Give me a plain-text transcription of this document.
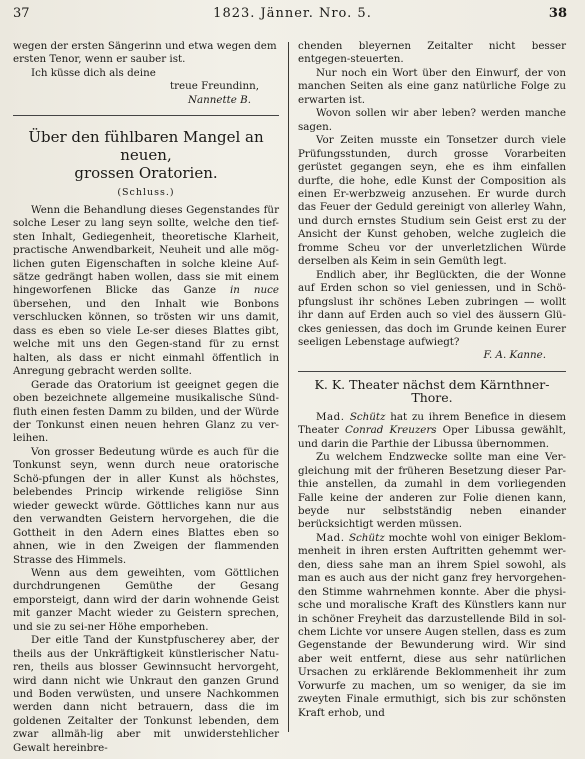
37	1823. Jänner. Nro. 5.	38

wegen der ersten Sängerinn und etwa wegen dem

ersten Tenor, wenn er sauber ist.

Ich küsse dich als deine

treue Freundinn,

Nannette B.

Über den fühlbaren Mangel an neuen,
grossen Oratorien.

(Schluss.)

Wenn die Behandlung dieses Gegenstandes für solche Leser zu lang seyn sollte, welche den tief-sten Inhalt, Gediegenheit, theoretische Klarheit, practische Anwendbarkeit, Neuheit und alle mög-lichen guten Eigenschaften in solche kleine Auf-sätze gedrängt haben wollen, dass sie mit einem hingeworfenen Blicke das Ganze in nuce übersehen, und den Inhalt wie Bonbons verschlucken können, so trösten wir uns damit, dass es eben so viele Le-ser dieses Blattes gibt, welche mit uns den Gegen-stand für zu ernst halten, als dass er nicht einmahl öffentlich in Anregung gebracht werden sollte.

Gerade das Oratorium ist geeignet gegen die oben bezeichnete allgemeine musikalische Sünd-fluth einen festen Damm zu bilden, und der Würde der Tonkunst einen neuen hehren Glanz zu ver-leihen.

Von grosser Bedeutung würde es auch für die Tonkunst seyn, wenn durch neue oratorische Schö-pfungen der in aller Kunst als höchstes, belebendes Princip wirkende religiöse Sinn wieder geweckt würde. Göttliches kann nur aus den verwandten Geistern hervorgehen, die die Gottheit in den Adern eines Blattes eben so ahnen, wie in den Zweigen der flammenden Strasse des Himmels.

Wenn aus dem geweihten, vom Göttlichen durchdrungenen Gemüthe der Gesang emporsteigt, dann wird der darin wohnende Geist mit ganzer Macht wieder zu Geistern sprechen, und sie zu sei-ner Höhe emporheben.

Der eitle Tand der Kunstpfuscherey aber, der theils aus der Unkräftigkeit künstlerischer Natu-ren, theils aus blosser Gewinnsucht hervorgeht, wird dann nicht wie Unkraut den ganzen Grund und Boden verwüsten, und unsere Nachkommen werden dann nicht betrauern, dass die im goldenen Zeitalter der Tonkunst lebenden, dem zwar allmäh-lig aber mit unwiderstehlicher Gewalt hereinbre-

chenden bleyernen Zeitalter nicht besser entgegen-steuerten.

Nur noch ein Wort über den Einwurf, der von manchen Seiten als eine ganz natürliche Folge zu erwarten ist.

Wovon sollen wir aber leben? werden manche sagen.

Vor Zeiten musste ein Tonsetzer durch viele Prüfungsstunden, durch grosse Vorarbeiten gerüstet gegangen seyn, ehe es ihm einfallen durfte, die hohe, edle Kunst der Composition als einen Er-werbzweig anzusehen. Er wurde durch das Feuer der Geduld gereinigt von allerley Wahn, und durch ernstes Studium sein Geist erst zu der Ansicht der Kunst gehoben, welche zugleich die fromme Scheu vor der unverletzlichen Würde derselben als Keim in sein Gemüth legt.

Endlich aber, ihr Beglückten, die der Wonne auf Erden schon so viel geniessen, und in Schö-pfungslust ihr schönes Leben zubringen — wollt ihr dann auf Erden auch so viel des äussern Glü-ckes geniessen, das doch im Grunde keinen Eurer seeligen Lebenstage aufwiegt?

F. A. Kanne.

K. K. Theater nächst dem Kärnthner-Thore.

Mad. Schütz hat zu ihrem Benefice in diesem Theater Conrad Kreuzers Oper Libussa gewählt, und darin die Parthie der Libussa übernommen.

Zu welchem Endzwecke sollte man eine Ver-gleichung mit der früheren Besetzung dieser Par-thie anstellen, da zumahl in dem vorliegenden Falle keine der anderen zur Folie dienen kann, beyde nur selbstständig neben einander berücksichtigt werden müssen.

Mad. Schütz mochte wohl von einiger Beklom-menheit in ihren ersten Auftritten gehemmt wer-den, diess sahe man an ihrem Spiel sowohl, als man es auch aus der nicht ganz frey hervorgehen-den Stimme wahrnehmen konnte. Aber die physi-sche und moralische Kraft des Künstlers kann nur in schöner Freyheit das darzustellende Bild in sol-chem Lichte vor unsere Augen stellen, dass es zum Gegenstande der Bewunderung wird. Wir sind aber weit entfernt, diese aus sehr natürlichen Ursachen zu erklärende Beklommenheit ihr zum Vorwurfe zu machen, um so weniger, da sie im zweyten Finale ermuthigt, sich bis zur schönsten Kraft erhob, und
